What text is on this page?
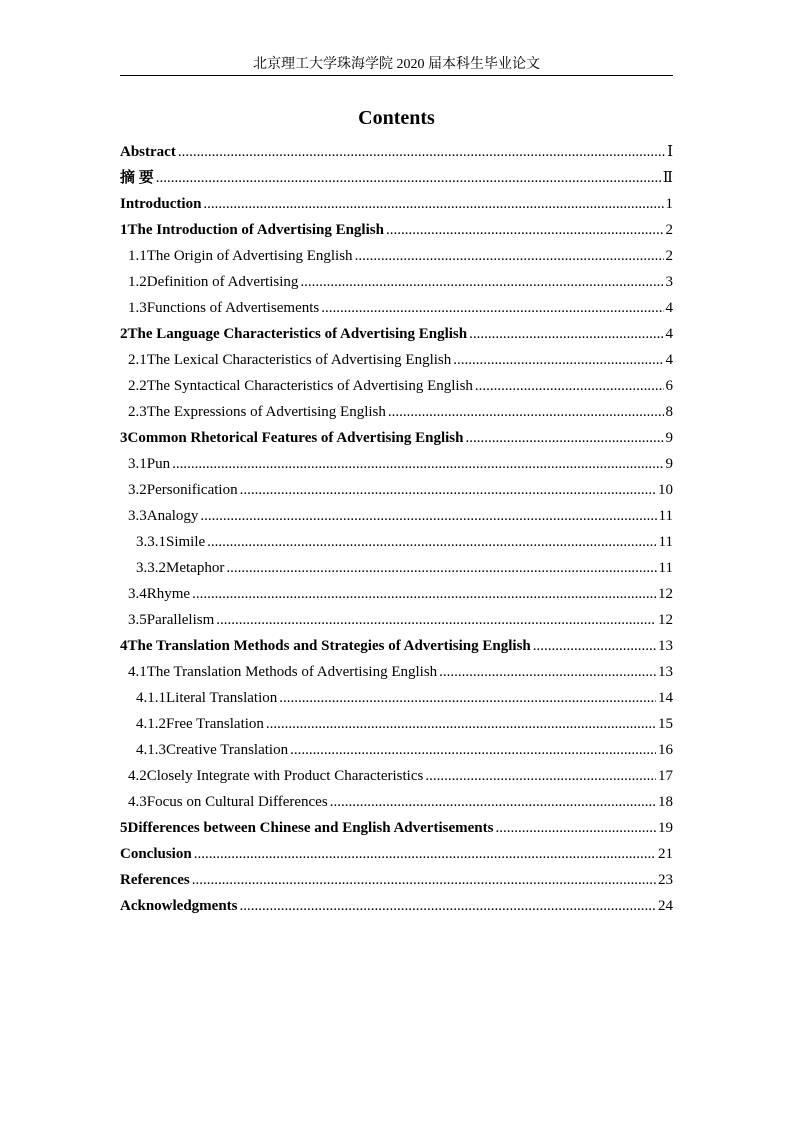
北京理工大学珠海学院 2020 届本科生毕业论文
Contents
Abstract .....	Ⅰ
摘 要 .....	Ⅱ
Introduction .....	1
1 The Introduction of Advertising English .....	2
1.1 The Origin of Advertising English .....	2
1.2 Definition of Advertising .....	3
1.3 Functions of Advertisements .....	4
2 The Language Characteristics of Advertising English .....	4
2.1 The Lexical Characteristics of Advertising English .....	4
2.2 The Syntactical Characteristics of Advertising English .....	6
2.3 The Expressions of Advertising English .....	8
3 Common Rhetorical Features of Advertising English .....	9
3.1 Pun .....	9
3.2 Personification .....	10
3.3 Analogy .....	11
3.3.1 Simile .....	11
3.3.2 Metaphor .....	11
3.4 Rhyme .....	12
3.5 Parallelism .....	12
4 The Translation Methods and Strategies of Advertising English .....	13
4.1 The Translation Methods of Advertising English .....	13
4.1.1 Literal Translation .....	14
4.1.2 Free Translation .....	15
4.1.3 Creative Translation .....	16
4.2 Closely Integrate with Product Characteristics .....	17
4.3 Focus on Cultural Differences .....	18
5 Differences between Chinese and English Advertisements .....	19
Conclusion .....	21
References .....	23
Acknowledgments .....	24
